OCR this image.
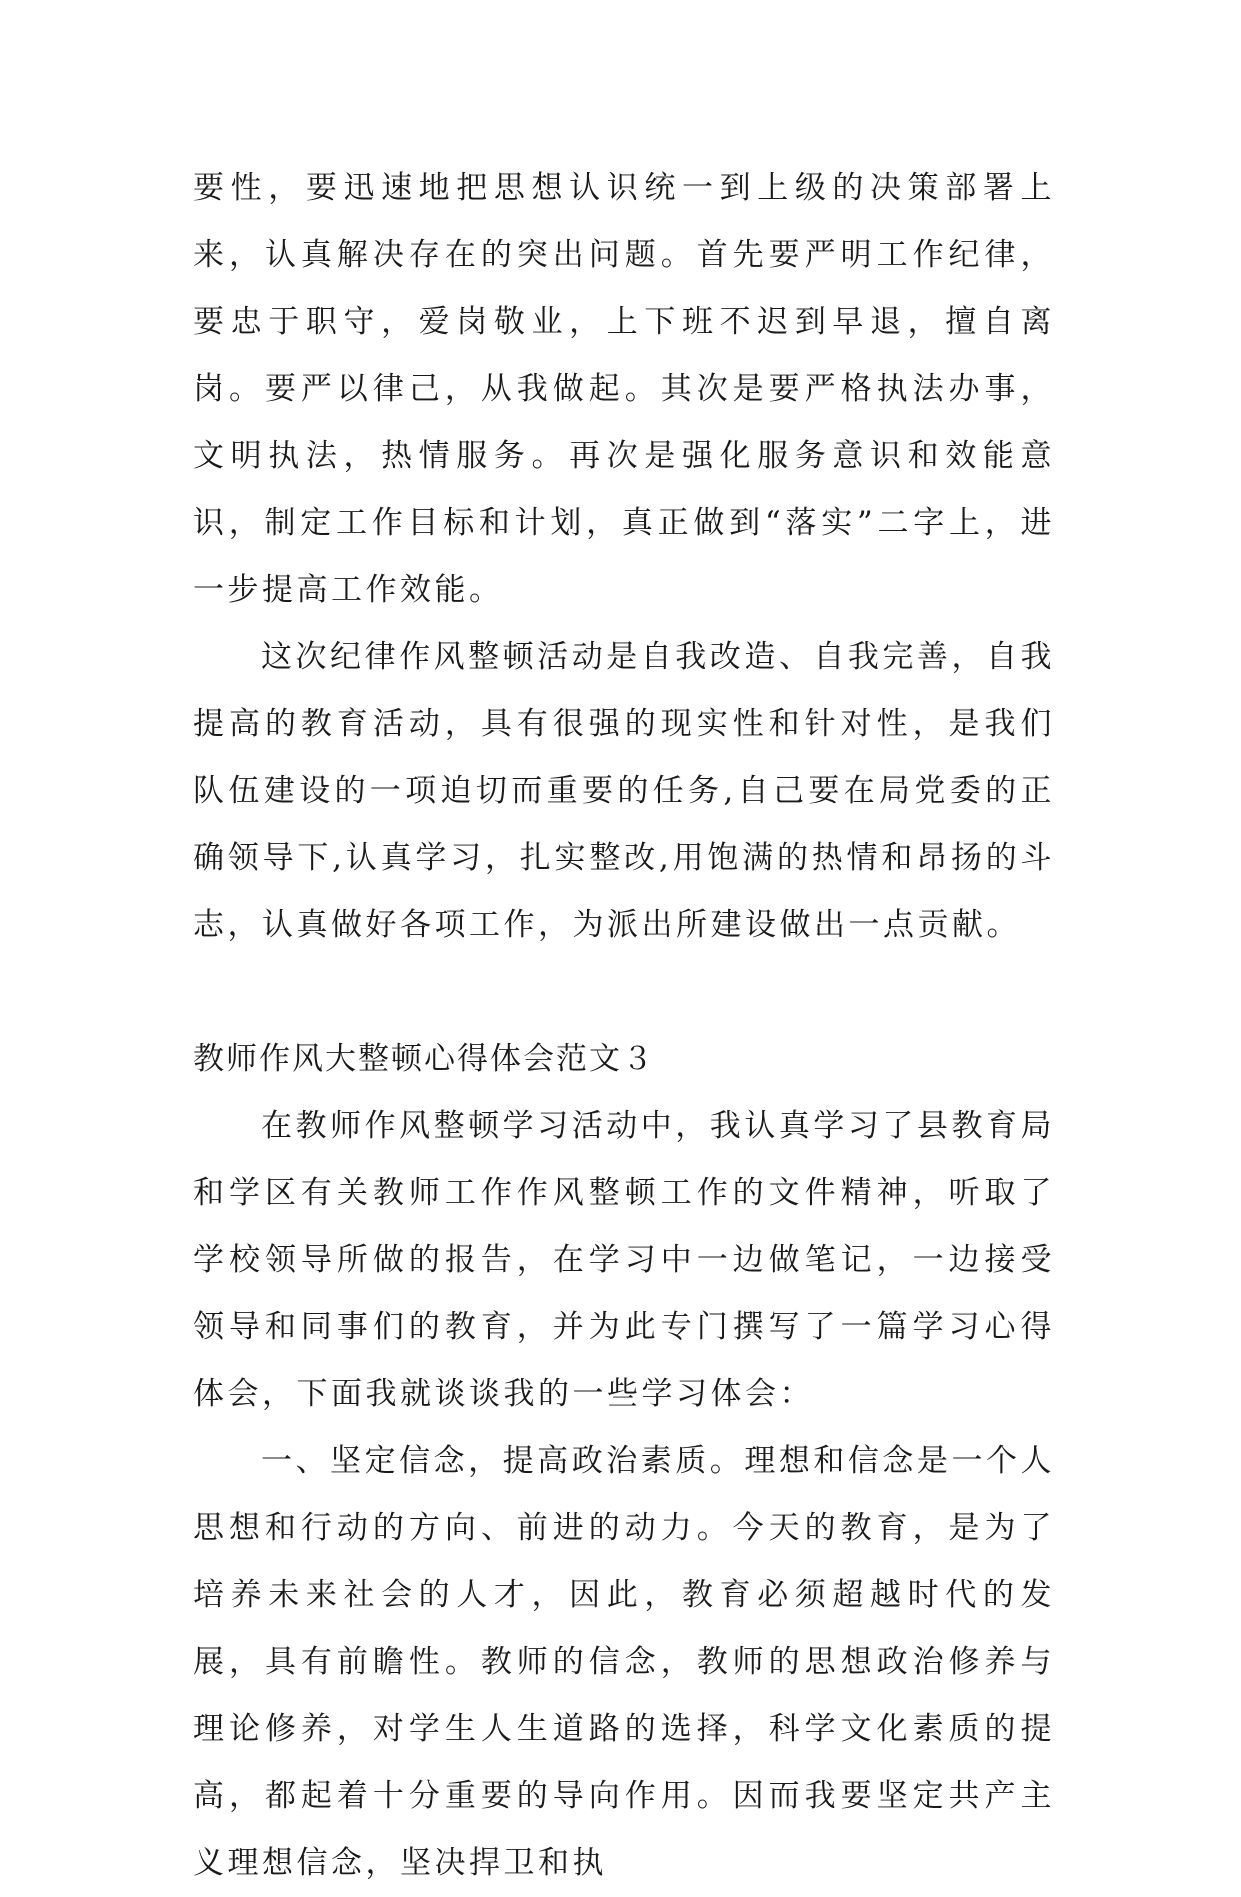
要性，要迅速地把思想认识统一到上级的决策部署上来，认真解决存在的突出问题。首先要严明工作纪律，要忠于职守，爱岗敬业，上下班不迟到早退，擅自离岗。要严以律己，从我做起。其次是要严格执法办事，文明执法，热情服务。再次是强化服务意识和效能意识，制定工作目标和计划，真正做到“落实”二字上，进一步提高工作效能。

这次纪律作风整顿活动是自我改造、自我完善，自我提高的教育活动，具有很强的现实性和针对性，是我们队伍建设的一项迫切而重要的任务,自己要在局党委的正确领导下,认真学习，扎实整改,用饱满的热情和昂扬的斗志，认真做好各项工作，为派出所建设做出一点贡献。

教师作风大整顿心得体会范文３

在教师作风整顿学习活动中，我认真学习了县教育局和学区有关教师工作作风整顿工作的文件精神，听取了学校领导所做的报告，在学习中一边做笔记，一边接受领导和同事们的教育，并为此专门撰写了一篇学习心得体会，下面我就谈谈我的一些学习体会：

一、坚定信念，提高政治素质。理想和信念是一个人思想和行动的方向、前进的动力。今天的教育，是为了培养未来社会的人才，因此，教育必须超越时代的发展，具有前瞻性。教师的信念，教师的思想政治修养与理论修养，对学生人生道路的选择，科学文化素质的提高，都起着十分重要的导向作用。因而我要坚定共产主义理想信念，坚决捍卫和执
